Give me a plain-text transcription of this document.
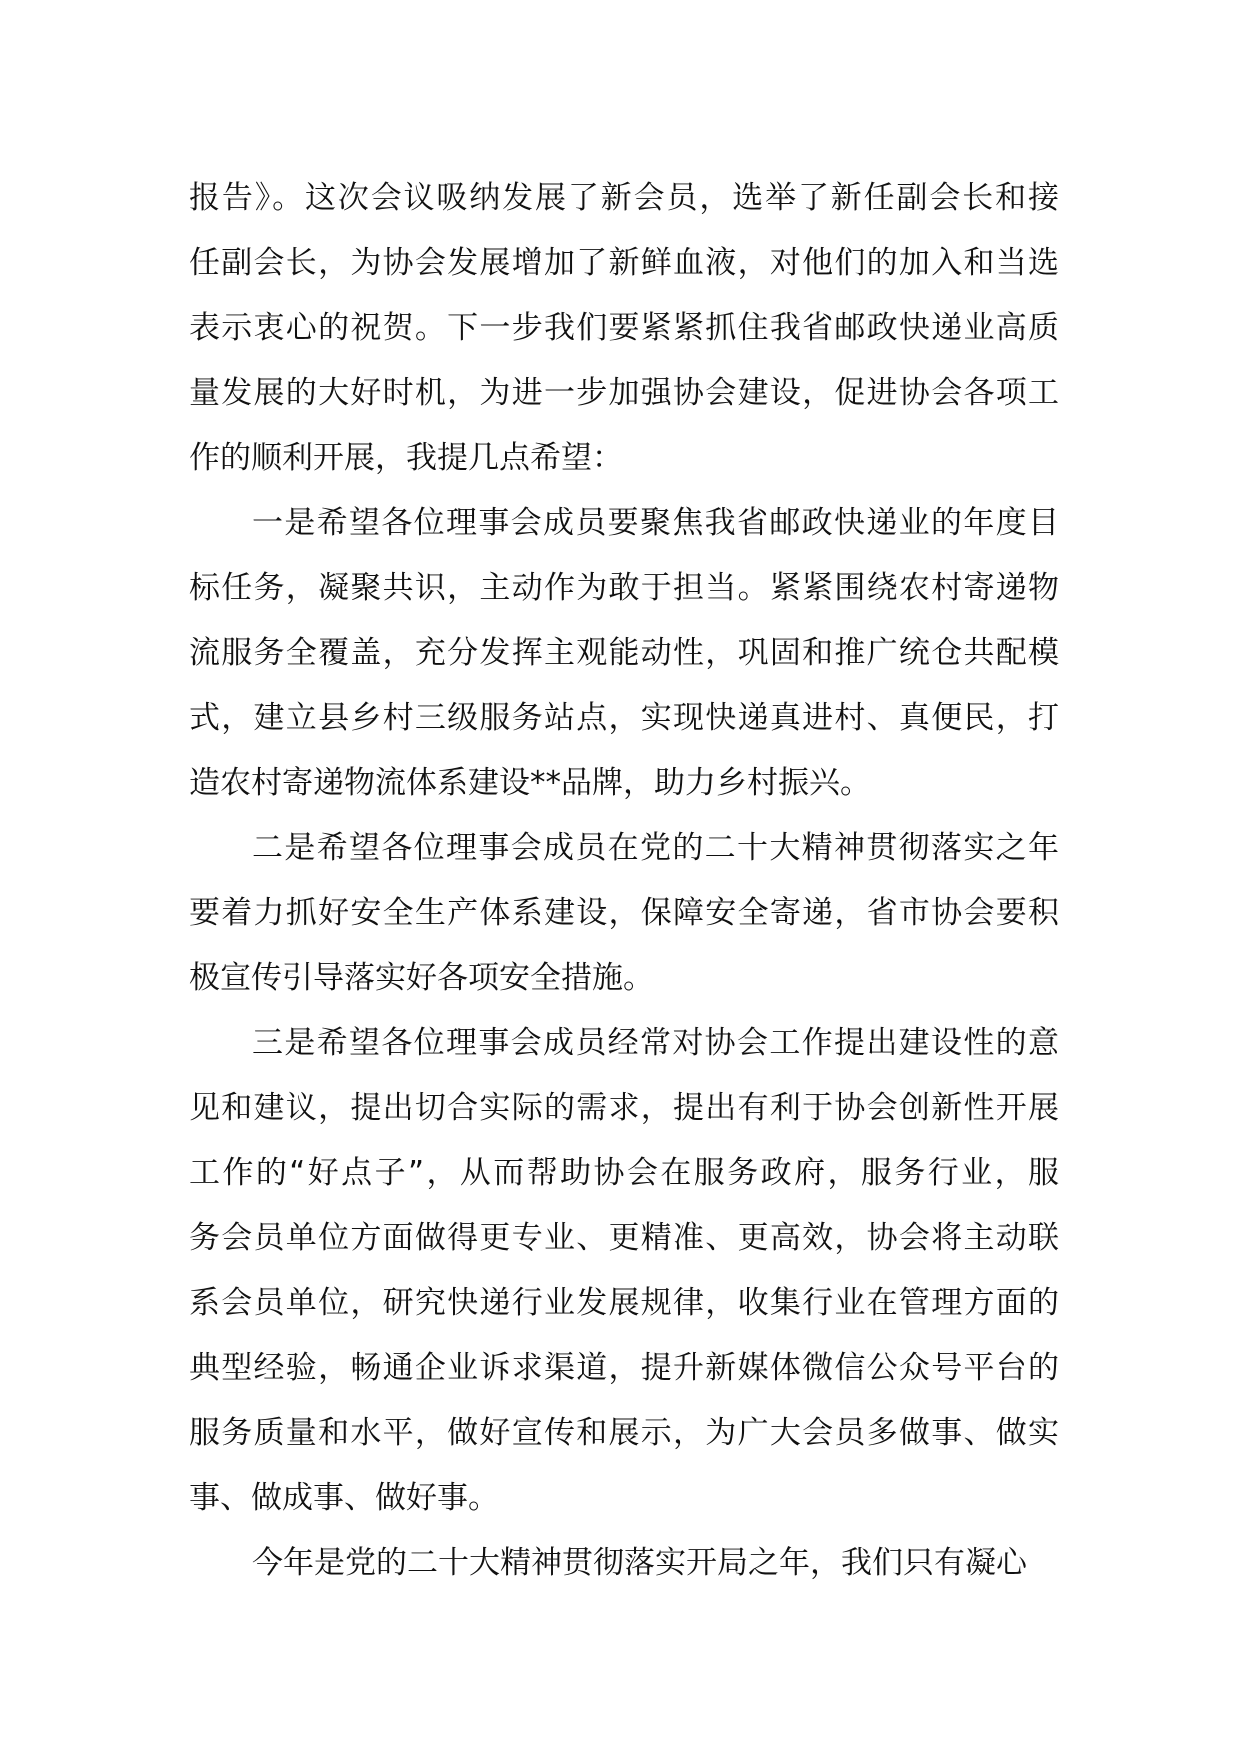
报告》。这次会议吸纳发展了新会员，选举了新任副会长和接
任副会长，为协会发展增加了新鲜血液，对他们的加入和当选
表示衷心的祝贺。下一步我们要紧紧抓住我省邮政快递业高质
量发展的大好时机，为进一步加强协会建设，促进协会各项工
作的顺利开展，我提几点希望：
一是希望各位理事会成员要聚焦我省邮政快递业的年度目
标任务，凝聚共识，主动作为敢于担当。紧紧围绕农村寄递物
流服务全覆盖，充分发挥主观能动性，巩固和推广统仓共配模
式，建立县乡村三级服务站点，实现快递真进村、真便民，打
造农村寄递物流体系建设**品牌，助力乡村振兴。
二是希望各位理事会成员在党的二十大精神贯彻落实之年
要着力抓好安全生产体系建设，保障安全寄递，省市协会要积
极宣传引导落实好各项安全措施。
三是希望各位理事会成员经常对协会工作提出建设性的意
见和建议，提出切合实际的需求，提出有利于协会创新性开展
工作的“好点子”，从而帮助协会在服务政府，服务行业，服
务会员单位方面做得更专业、更精准、更高效，协会将主动联
系会员单位，研究快递行业发展规律，收集行业在管理方面的
典型经验，畅通企业诉求渠道，提升新媒体微信公众号平台的
服务质量和水平，做好宣传和展示，为广大会员多做事、做实
事、做成事、做好事。
今年是党的二十大精神贯彻落实开局之年，我们只有凝心
